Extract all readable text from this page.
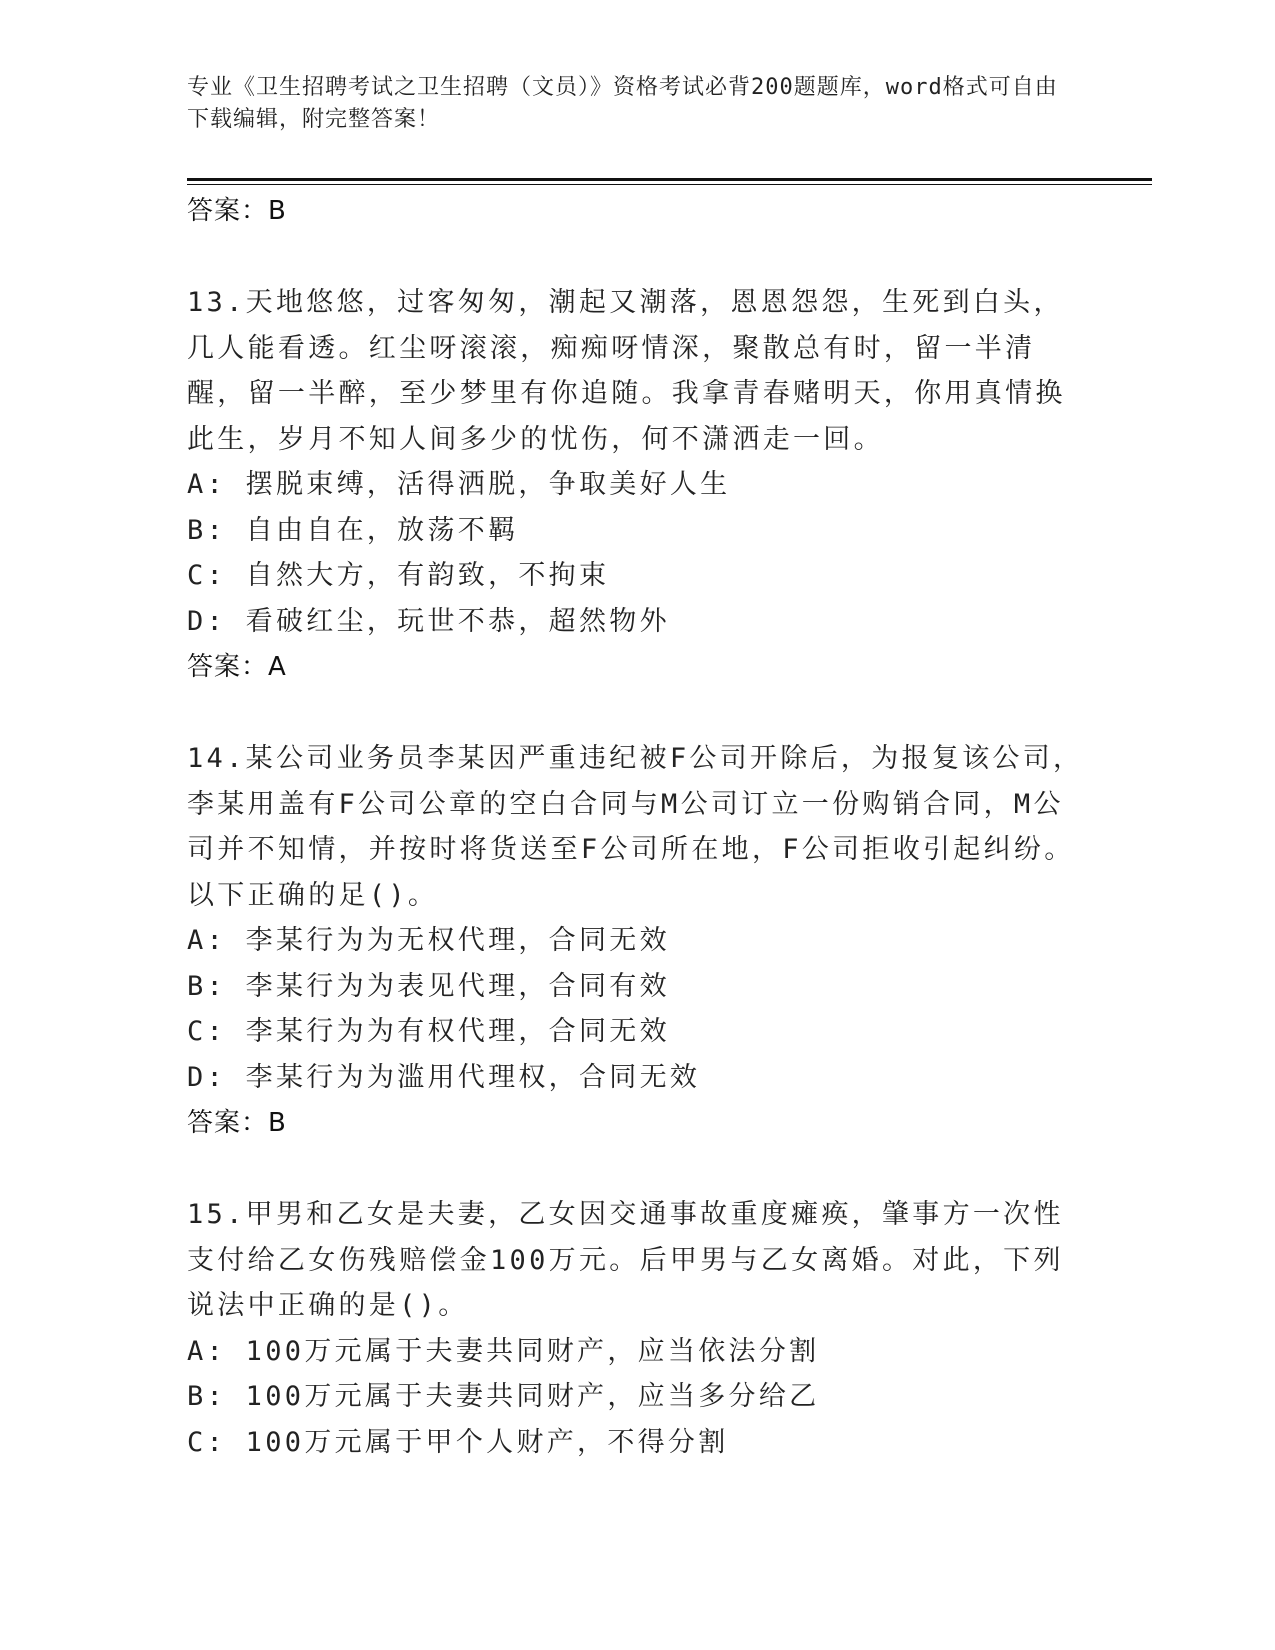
专业《卫生招聘考试之卫生招聘（文员）》资格考试必背200题题库，word格式可自由下载编辑，附完整答案！

答案：B

13.天地悠悠，过客匆匆，潮起又潮落，恩恩怨怨，生死到白头，几人能看透。红尘呀滚滚，痴痴呀情深，聚散总有时，留一半清醒，留一半醉，至少梦里有你追随。我拿青春赌明天，你用真情换此生，岁月不知人间多少的忧伤，何不潇洒走一回。

A: 摆脱束缚，活得洒脱，争取美好人生

B: 自由自在，放荡不羁

C: 自然大方，有韵致，不拘束

D: 看破红尘，玩世不恭，超然物外

答案：A

14.某公司业务员李某因严重违纪被F公司开除后，为报复该公司，李某用盖有F公司公章的空白合同与M公司订立一份购销合同，M公司并不知情，并按时将货送至F公司所在地，F公司拒收引起纠纷。以下正确的足()。

A: 李某行为为无权代理，合同无效

B: 李某行为为表见代理，合同有效

C: 李某行为为有权代理，合同无效

D: 李某行为为滥用代理权，合同无效

答案：B

15.甲男和乙女是夫妻，乙女因交通事故重度瘫痪，肇事方一次性支付给乙女伤残赔偿金100万元。后甲男与乙女离婚。对此，下列说法中正确的是()。

A: 100万元属于夫妻共同财产，应当依法分割

B: 100万元属于夫妻共同财产，应当多分给乙

C: 100万元属于甲个人财产，不得分割
